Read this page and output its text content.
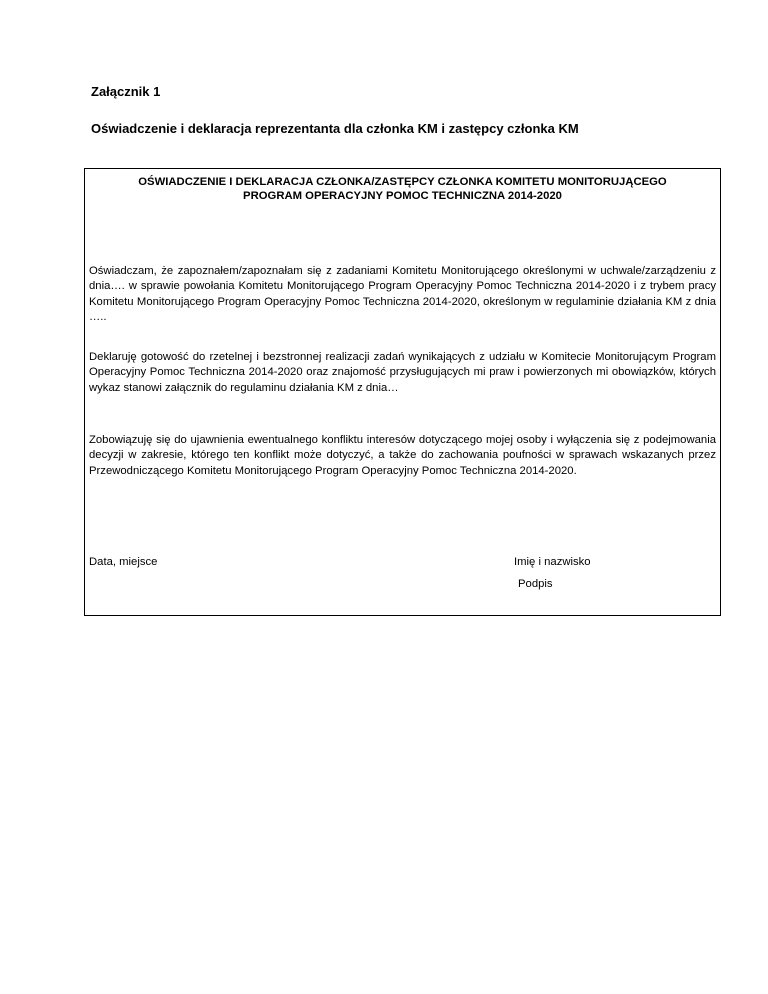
Załącznik 1

Oświadczenie i deklaracja reprezentanta dla członka KM i zastępcy członka KM

OŚWIADCZENIE I DEKLARACJA CZŁONKA/ZASTĘPCY CZŁONKA KOMITETU MONITORUJĄCEGO
PROGRAM OPERACYJNY POMOC TECHNICZNA 2014-2020

Oświadczam, że zapoznałem/zapoznałam się z zadaniami Komitetu Monitorującego określonymi w uchwale/zarządzeniu z dnia…. w sprawie powołania Komitetu Monitorującego Program Operacyjny Pomoc Techniczna 2014-2020 i z trybem pracy Komitetu Monitorującego Program Operacyjny Pomoc Techniczna 2014-2020, określonym w regulaminie działania KM z dnia …..

Deklaruję gotowość do rzetelnej i bezstronnej realizacji zadań wynikających z udziału w Komitecie Monitorującym Program Operacyjny Pomoc Techniczna 2014-2020 oraz znajomość przysługujących mi praw i powierzonych mi obowiązków, których wykaz stanowi załącznik do regulaminu działania KM z dnia…

Zobowiązuję się do ujawnienia ewentualnego konfliktu interesów dotyczącego mojej osoby i wyłączenia się z podejmowania decyzji w zakresie, którego ten konflikt może dotyczyć, a także do zachowania poufności w sprawach wskazanych przez Przewodniczącego Komitetu Monitorującego Program Operacyjny Pomoc Techniczna 2014-2020.

Data, miejsce	Imię i nazwisko

Podpis
